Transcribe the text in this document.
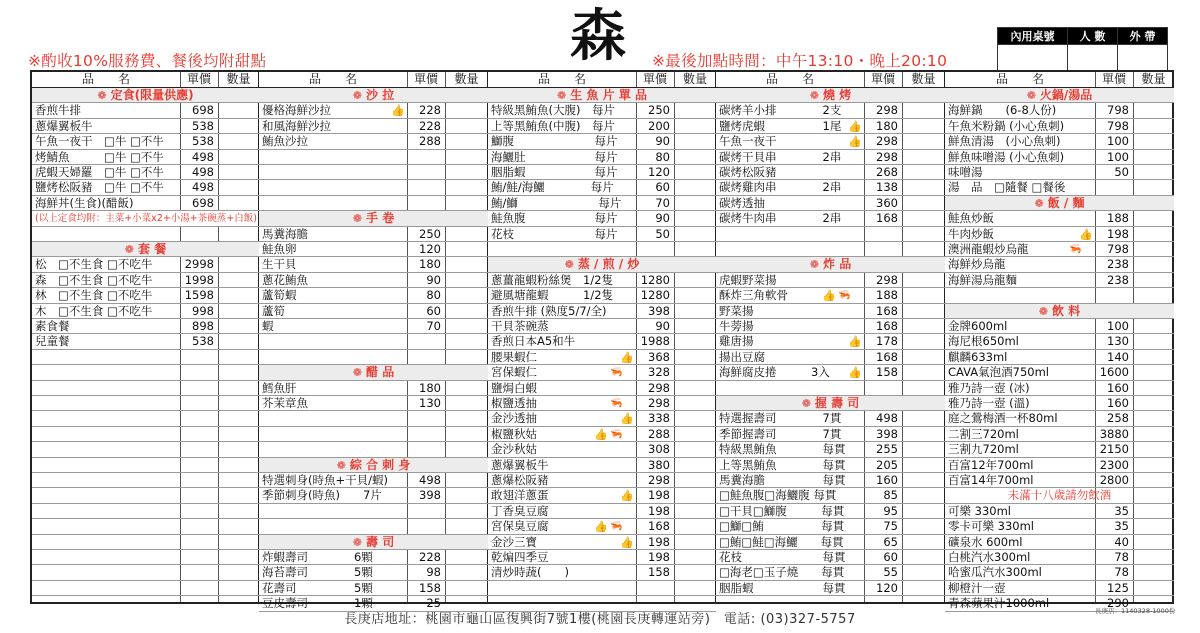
※酌收10%服務費、餐後均附甜點	森 ※最後加點時間：中午13:10・晚上20:10
內用桌號	人 數	外 帶

品　　名	單價	數量
❁ 定食(限量供應)
香煎牛排	698
蔥爆翼板牛	538
午魚一夜干　□牛 □不牛	538
烤鯖魚　　　□牛 □不牛	498
虎蝦天婦羅　□牛 □不牛	498
鹽烤松阪豬　□牛 □不牛	498
海鮮丼(生食)(醋飯)	698
(以上定食均附：主菜+小菜x2+小湯+茶碗蒸+白飯)
❁ 套 餐
松　□不生食 □不吃牛	2998
森　□不生食 □不吃牛	1998
林　□不生食 □不吃牛	1598
木　□不生食 □不吃牛	998
素食餐	898
兒童餐	538
品　　名	單價	數量
❁ 沙 拉
優格海鮮沙拉	228
👍
和風海鮮沙拉	228
鮪魚沙拉	288
❁ 手 卷
馬糞海膽	250
鮭魚卵	120
生干貝	180
蔥花鮪魚	90
蘆筍蝦	80
蘆筍	60
蝦	70
❁ 醋 品
鱈魚肝	180
芥茉章魚	130
❁ 綜 合 刺 身
特選刺身(時魚+干貝/蝦)	498
季節刺身(時魚)　　7片	398
❁ 壽 司
炸蝦壽司　　　　6顆	228
海苔壽司　　　　5顆	98
花壽司　　　　　5顆	158
豆皮壽司　　　　1顆	25
品　　名	單價	數量
❁ 生 魚 片 單 品
特級黑鮪魚(大腹)　每片	250
上等黑鮪魚(中腹)　每片	200
鰤腹　　　　　　　每片	90
海鱺肚　　　　　　每片	80
胭脂蝦　　　　　　每片	120
鮪/鮭/海鱺　　　　每片	60
鮪/鰤　　　　　　　每片	70
鮭魚腹　　　　　　每片	90
花枝　　　　　　　每片	50
❁ 蒸 / 煎 / 炒
蔥薑龍蝦粉絲煲　1/2隻	1280
避風塘龍蝦　　　1/2隻	1280
香煎牛排 (熟度5/7/全)	398
干貝茶碗蒸	90
香煎日本A5和牛	1988
腰果蝦仁	368
👍
宮保蝦仁	328
🦐
鹽焗白蝦	298
椒鹽透抽	298
🦐
金沙透抽	338
👍
椒鹽秋姑	288
🦐
👍
金沙秋姑	308
蔥爆翼板牛	380
蔥爆松阪豬	298
敢翅洋蔥蛋	198
👍
丁香臭豆腐	198
宮保臭豆腐	168
🦐
👍
金沙三寶	198
👍
乾煸四季豆	198
清炒時蔬(　　)	158
品　　名	單價	數量
❁ 燒 烤
碳烤羊小排　　　　2支	298
鹽烤虎蝦　　　　　1尾	180
👍
午魚一夜干	298
👍
碳烤干貝串　　　　2串	298
碳烤松阪豬	268
碳烤雞肉串　　　　2串	138
碳烤透抽	360
碳烤牛肉串　　　　2串	168
❁ 炸 品
虎蝦野菜揚	298
酥炸三角軟骨	188
🦐
👍
野菜揚	168
牛蒡揚	168
雞唐揚	178
👍
揚出豆腐	168
海鮮腐皮捲　　　3入	158
👍
❁ 握 壽 司
特選握壽司　　　　7貫	498
季節握壽司　　　　7貫	398
特級黑鮪魚　　　　每貫	255
上等黑鮪魚　　　　每貫	205
馬糞海膽　　　　　每貫	160
□鮭魚腹□海鱺腹 每貫	85
□干貝□鰤腹　　　每貫	95
□鰤□鮪　　　　　每貫	75
□鮪□鮭□海鱺　　每貫	65
花枝　　　　　　　每貫	60
□海老□玉子燒　　每貫	55
胭脂蝦　　　　　　每貫	120
品　　名	單價	數量
❁ 火鍋/湯品
海鮮鍋　　(6-8人份)	798
午魚米粉鍋 (小心魚刺)	798
鮮魚清湯　(小心魚刺)	100
鮮魚味噌湯 (小心魚刺)	100
味噌湯	50
湯　品　□隨餐 □餐後
❁ 飯 / 麵
鮭魚炒飯	188
牛肉炒飯	198
👍
澳洲龍蝦炒烏龍	798
🦐
海鮮炒烏龍	238
海鮮湯烏龍麵	238
❁ 飲 料
金牌600ml	100
海尼根650ml	130
麒麟633ml	140
CAVA氣泡酒750ml	1600
雅乃詩一壺 (冰)	160
雅乃詩一壺 (溫)	160
庭之鶯梅酒一杯80ml	258
二割三720ml	3880
三割九720ml	2150
百富12年700ml	2300
百富14年700ml	2800
未滿十八歲請勿飲酒
可樂 330ml	35
零卡可樂 330ml	35
礦泉水 600ml	40
白桃汽水300ml	78
哈蜜瓜汽水300ml	78
柳橙汁一壺	125
青森蘋果汁1000ml	290
長庚店地址：桃園市龜山區復興街7號1樓(桃園長庚轉運站旁)　電話: (03)327-5757
長庚店：1140328-1000份
